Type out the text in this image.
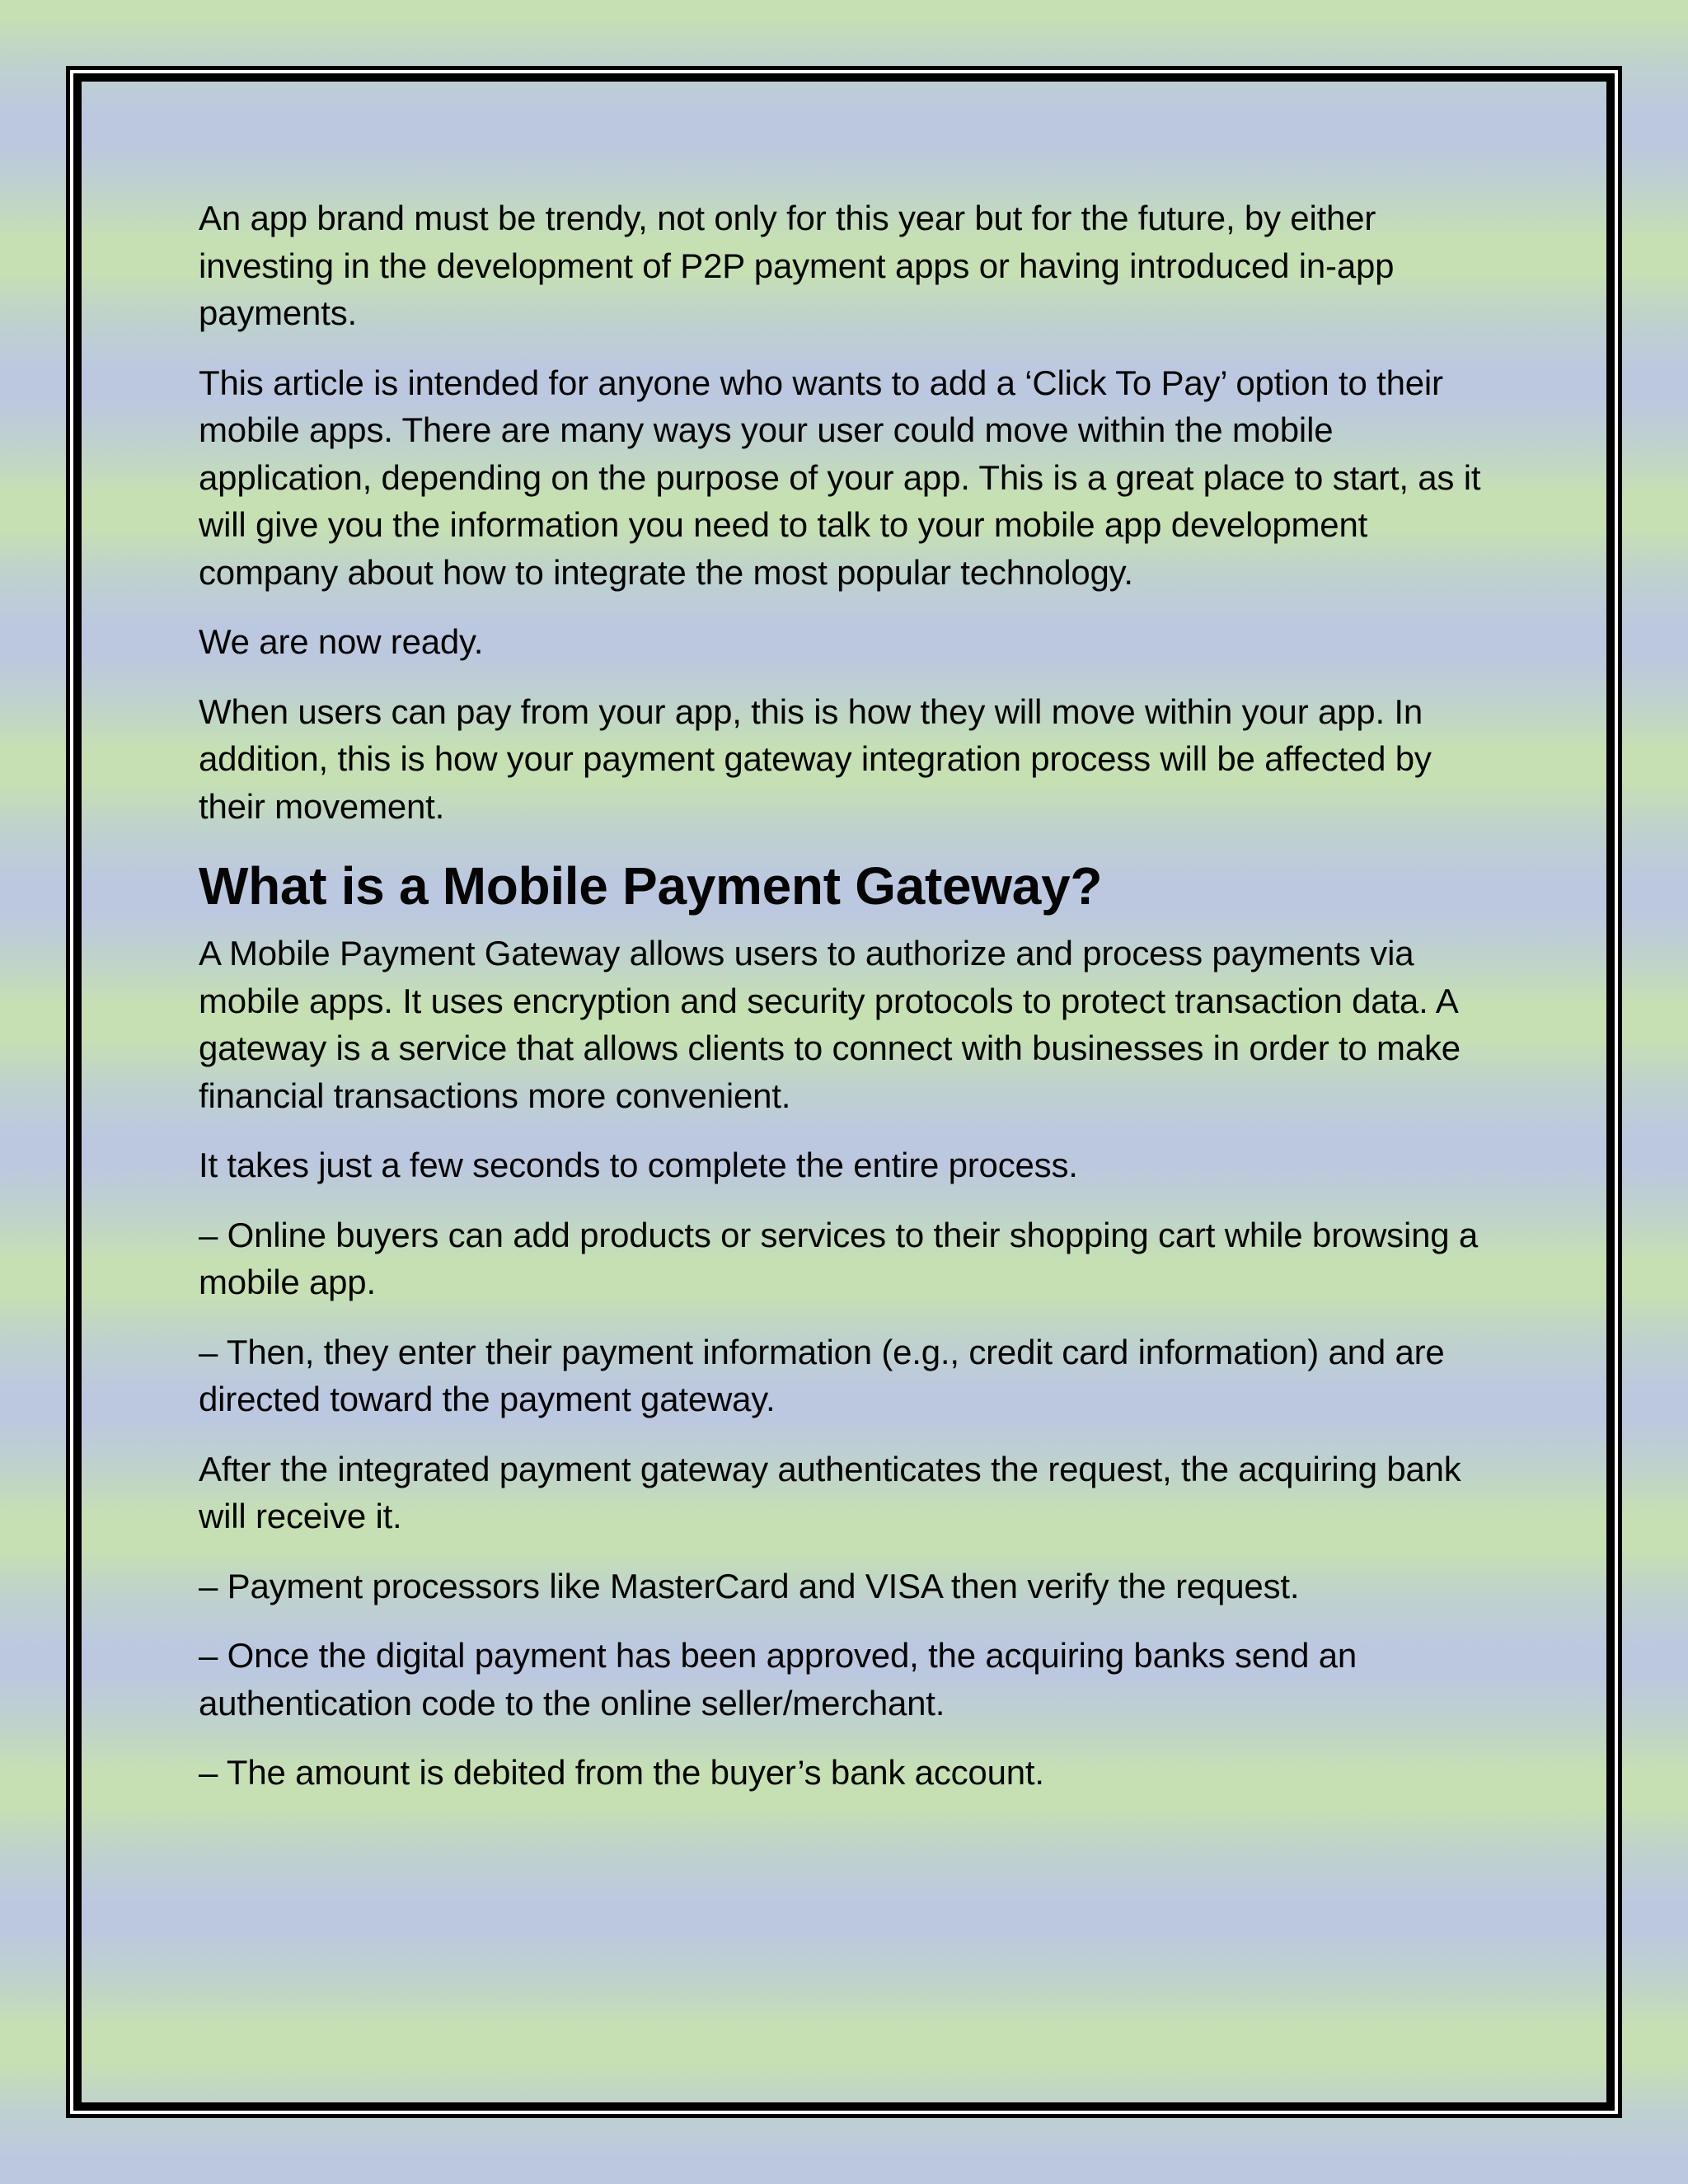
An app brand must be trendy, not only for this year but for the future, by either investing in the development of P2P payment apps or having introduced in-app payments.

This article is intended for anyone who wants to add a ‘Click To Pay’ option to their mobile apps. There are many ways your user could move within the mobile application, depending on the purpose of your app. This is a great place to start, as it will give you the information you need to talk to your mobile app development company about how to integrate the most popular technology.

We are now ready.

When users can pay from your app, this is how they will move within your app. In addition, this is how your payment gateway integration process will be affected by their movement.

What is a Mobile Payment Gateway?

A Mobile Payment Gateway allows users to authorize and process payments via mobile apps. It uses encryption and security protocols to protect transaction data. A gateway is a service that allows clients to connect with businesses in order to make financial transactions more convenient.

It takes just a few seconds to complete the entire process.

– Online buyers can add products or services to their shopping cart while browsing a mobile app.

– Then, they enter their payment information (e.g., credit card information) and are directed toward the payment gateway.

After the integrated payment gateway authenticates the request, the acquiring bank will receive it.

– Payment processors like MasterCard and VISA then verify the request.

– Once the digital payment has been approved, the acquiring banks send an authentication code to the online seller/merchant.

– The amount is debited from the buyer’s bank account.
